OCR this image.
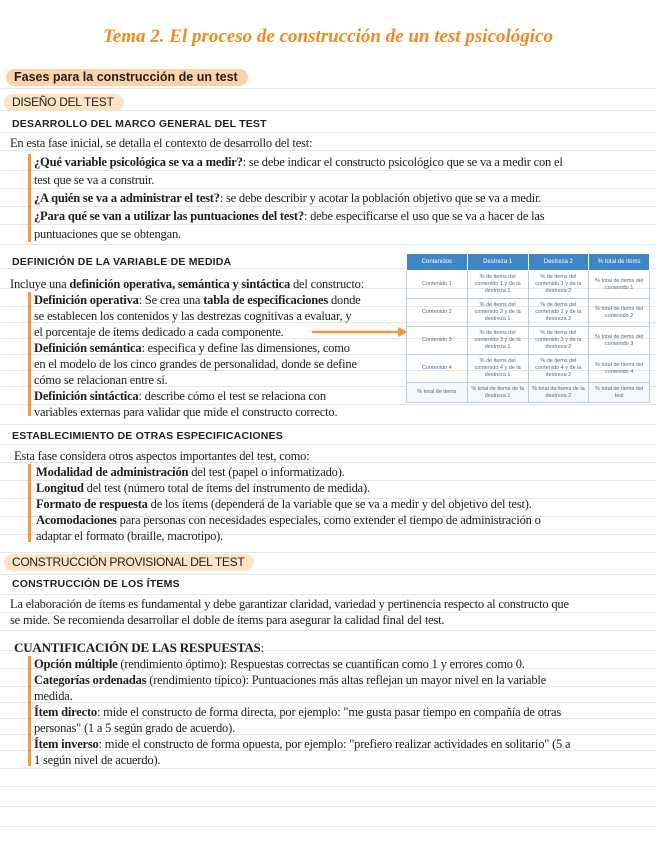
Tema 2. El proceso de construcción de un test psicológico
Fases para la construcción de un test
DISEÑO DEL TEST
DESARROLLO DEL MARCO GENERAL DEL TEST
En esta fase inicial, se detalla el contexto de desarrollo del test:
¿Qué variable psicológica se va a medir?: se debe indicar el constructo psicológico que se va a medir con el
test que se va a construir.
¿A quién se va a administrar el test?: se debe describir y acotar la población objetivo que se va a medir.
¿Para qué se van a utilizar las puntuaciones del test?: debe especificarse el uso que se va a hacer de las
puntuaciones que se obtengan.
DEFINICIÓN DE LA VARIABLE DE MEDIDA
Incluye una definición operativa, semántica y sintáctica del constructo:
Definición operativa: Se crea una tabla de especificaciones donde
se establecen los contenidos y las destrezas cognitivas a evaluar, y
el porcentaje de ítems dedicado a cada componente.
Definición semántica: especifica y define las dimensiones, como
en el modelo de los cinco grandes de personalidad, donde se define
cómo se relacionan entre sí.
Definición sintáctica: describe cómo el test se relaciona con
variables externas para validar que mide el constructo correcto.
Contenidos	Destreza 1	Destreza 2	% total de items
Contenido 1	% de items del contenido 1 y de la destreza 1	% de items del contenido 1 y de la destreza 2	% total de items del contenido 1
Contenido 2	% de items del contenido 2 y de la destreza 1	% de items del contenido 2 y de la destreza 2	% total de items del contenido 2
Contenido 3	% de items del contenido 3 y de la destreza 1	% de items del contenido 3 y de la destreza 2	% total de items del contenido 3
Contenido 4	% de items del contenido 4 y de la destreza 1	% de items del contenido 4 y de la destreza 2	% total de items del contenido 4
% total de items	% total de items de la destreza 1	% total de items de la destreza 2	% total de items del test
ESTABLECIMIENTO DE OTRAS ESPECIFICACIONES
Esta fase considera otros aspectos importantes del test, como:
Modalidad de administración del test (papel o informatizado).
Longitud del test (número total de ítems del instrumento de medida).
Formato de respuesta de los ítems (dependerá de la variable que se va a medir y del objetivo del test).
Acomodaciones para personas con necesidades especiales, como extender el tiempo de administración o
adaptar el formato (braille, macrotipo).
CONSTRUCCIÓN PROVISIONAL DEL TEST
CONSTRUCCIÓN DE LOS ÍTEMS
La elaboración de ítems es fundamental y debe garantizar claridad, variedad y pertinencia respecto al constructo que
se mide. Se recomienda desarrollar el doble de ítems para asegurar la calidad final del test.
CUANTIFICACIÓN DE LAS RESPUESTAS:
Opción múltiple (rendimiento óptimo): Respuestas correctas se cuantifican como 1 y errores como 0.
Categorías ordenadas (rendimiento típico): Puntuaciones más altas reflejan un mayor nivel en la variable
medida.
Ítem directo: mide el constructo de forma directa, por ejemplo: "me gusta pasar tiempo en compañía de otras
personas" (1 a 5 según grado de acuerdo).
Ítem inverso: mide el constructo de forma opuesta, por ejemplo: "prefiero realizar actividades en solitario" (5 a
1 según nivel de acuerdo).
